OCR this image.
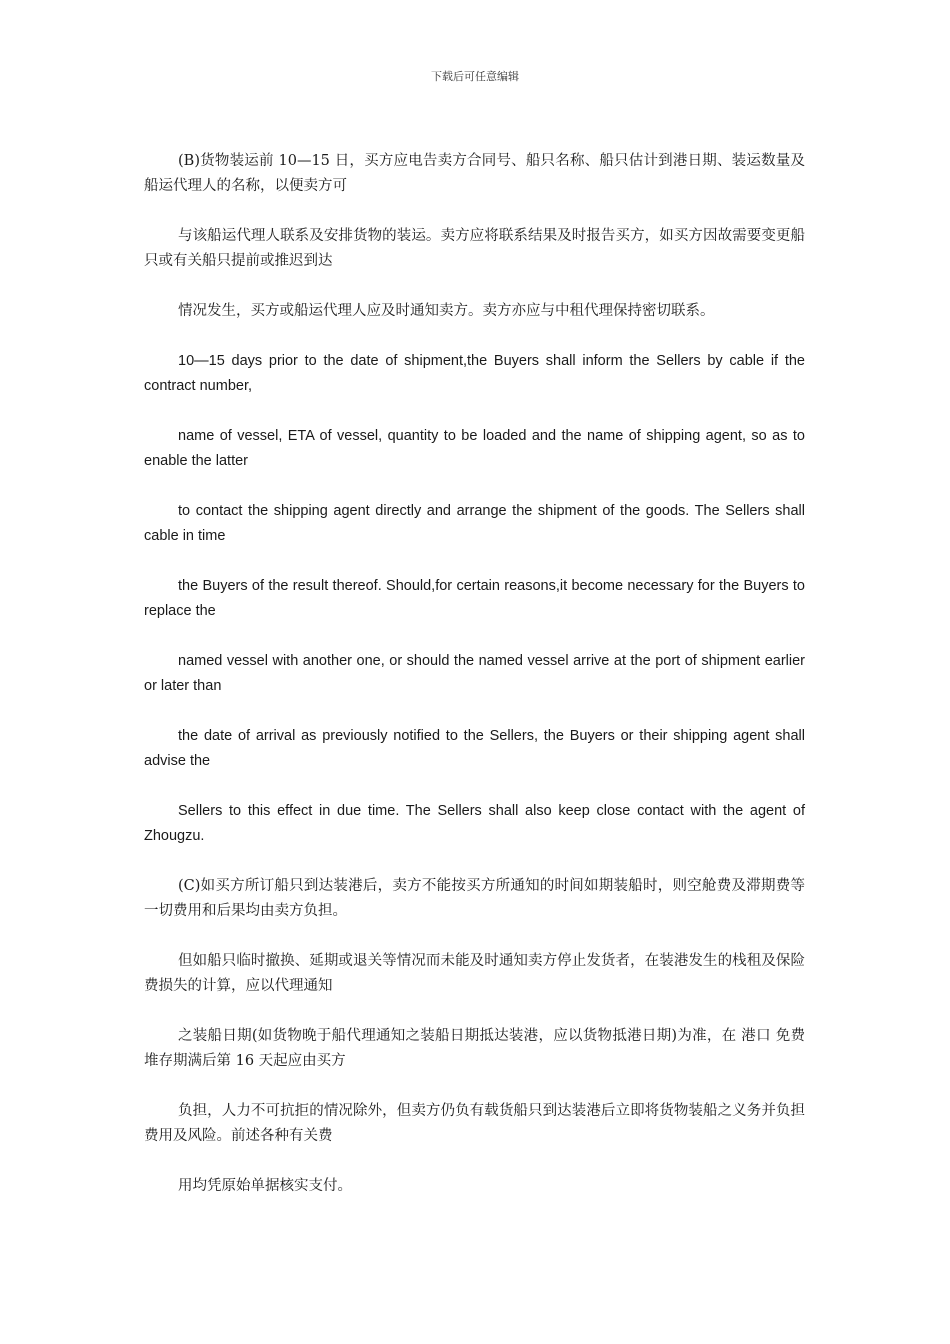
下载后可任意编辑

(B)货物装运前 10—15 日，买方应电告卖方合同号、船只名称、船只估计到港日期、装运数量及船运代理人的名称，以便卖方可

与该船运代理人联系及安排货物的装运。卖方应将联系结果及时报告买方，如买方因故需要变更船只或有关船只提前或推迟到达

情况发生，买方或船运代理人应及时通知卖方。卖方亦应与中租代理保持密切联系。

10—15 days prior to the date of shipment,the Buyers shall inform the Sellers by cable if the contract number,

name of vessel, ETA of vessel, quantity to be loaded and the name of shipping agent, so as to enable the latter

to contact the shipping agent directly and arrange the shipment of the goods. The Sellers shall cable in time

the Buyers of the result thereof. Should,for certain reasons,it become necessary for the Buyers to replace the

named vessel with another one, or should the named vessel arrive at the port of shipment earlier or later than

the date of arrival as previously notified to the Sellers, the Buyers or their shipping agent shall advise the

Sellers to this effect in due time. The Sellers shall also keep close contact with the agent of Zhougzu.

(C)如买方所订船只到达装港后，卖方不能按买方所通知的时间如期装船时，则空舱费及滞期费等一切费用和后果均由卖方负担。

但如船只临时撤换、延期或退关等情况而未能及时通知卖方停止发货者，在装港发生的栈租及保险费损失的计算，应以代理通知

之装船日期(如货物晚于船代理通知之装船日期抵达装港，应以货物抵港日期)为准，在 港口 免费堆存期满后第 16 天起应由买方

负担，人力不可抗拒的情况除外，但卖方仍负有载货船只到达装港后立即将货物装船之义务并负担费用及风险。前述各种有关费

用均凭原始单据核实支付。
